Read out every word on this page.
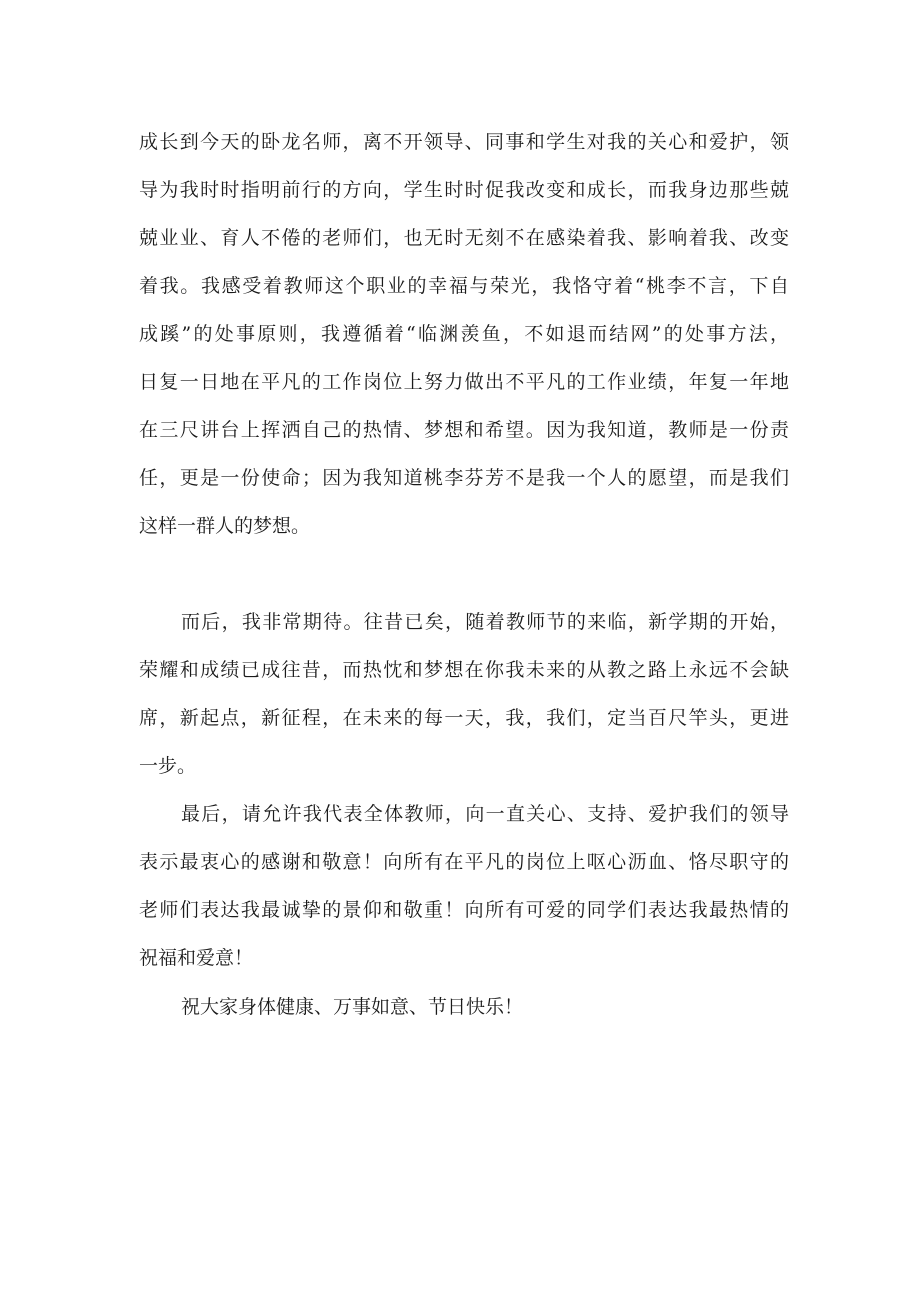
成长到今天的卧龙名师，离不开领导、同事和学生对我的关心和爱护，领
导为我时时指明前行的方向，学生时时促我改变和成长，而我身边那些兢
兢业业、育人不倦的老师们，也无时无刻不在感染着我、影响着我、改变
着我。我感受着教师这个职业的幸福与荣光，我恪守着“桃李不言，下自
成蹊”的处事原则，我遵循着“临渊羡鱼，不如退而结网”的处事方法，
日复一日地在平凡的工作岗位上努力做出不平凡的工作业绩，年复一年地
在三尺讲台上挥洒自己的热情、梦想和希望。因为我知道，教师是一份责
任，更是一份使命；因为我知道桃李芬芳不是我一个人的愿望，而是我们
这样一群人的梦想。

而后，我非常期待。往昔已矣，随着教师节的来临，新学期的开始，
荣耀和成绩已成往昔，而热忱和梦想在你我未来的从教之路上永远不会缺
席，新起点，新征程，在未来的每一天，我，我们，定当百尺竿头，更进
一步。

最后，请允许我代表全体教师，向一直关心、支持、爱护我们的领导
表示最衷心的感谢和敬意！向所有在平凡的岗位上呕心沥血、恪尽职守的
老师们表达我最诚挚的景仰和敬重！向所有可爱的同学们表达我最热情的
祝福和爱意！

祝大家身体健康、万事如意、节日快乐！
